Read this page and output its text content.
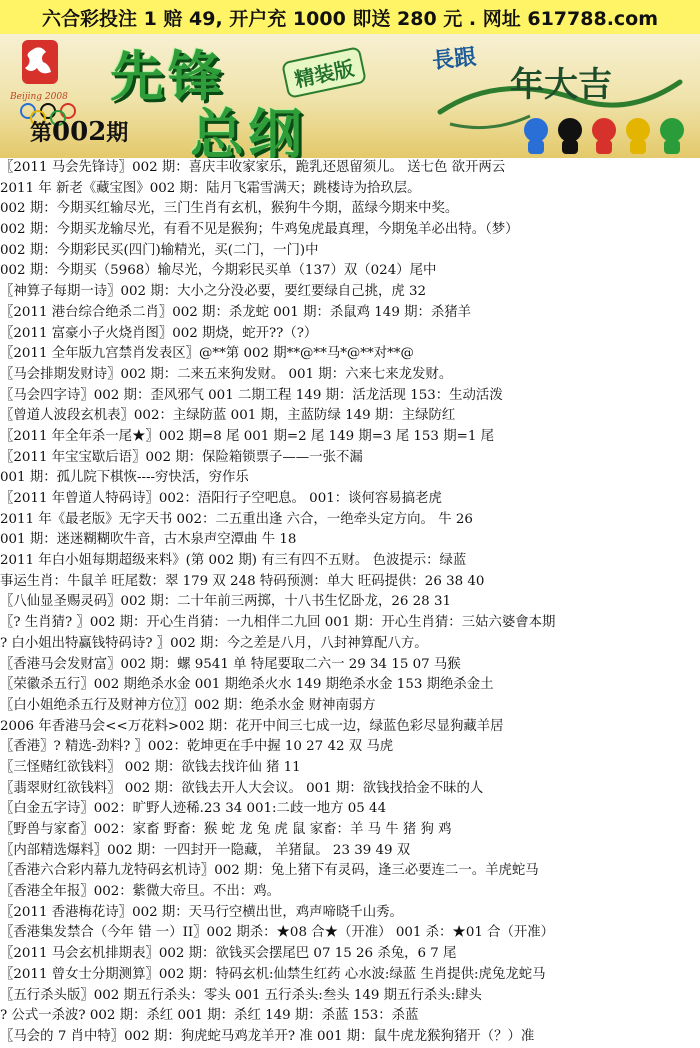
六合彩投注 1 赔 49, 开户充 1000 即送 280 元 . 网址 617788.com
Beijing 2008 先锋
总纲
精装版
第002期
長跟
年大吉
〖2011 马会先锋诗〗002 期：喜庆丰收家家乐，跪乳还恩留须儿。 送七色 欲开两云
2011 年 新老《藏宝图》002 期：陆月飞霜雪满天；跳楼诗为拾玖层。
002 期：今期买红输尽光，三门生肖有玄机，猴狗牛今期，蓝绿今期来中奖。
002 期：今期买龙输尽光，有看不见是猴狗；牛鸡兔虎最真理，今期兔羊必出特。（梦）
002 期：今期彩民买(四门)输精光，买(二门，一门)中
002 期：今期买（5968）输尽光，今期彩民买单（137）双（024）尾中
〖神算子每期一诗〗002 期：大小之分没必要，要红要绿自己挑，虎 32
〖2011 港台综合绝杀二肖〗002 期：杀龙蛇 001 期：杀鼠鸡 149 期：杀猪羊
〖2011 富豪小子火烧肖图〗002 期烧，蛇开??（?）
〖2011 全年版九宫禁肖发表区〗@**第 002 期**@**马*@**对**@
〖马会排期发财诗〗002 期：二来五来狗发财。 001 期：六来七来龙发财。
〖马会四字诗〗002 期：歪风邪气 001 二期工程 149 期：活龙活现 153：生动活泼
〖曾道人波段玄机表〗002：主绿防蓝 001 期，主蓝防绿 149 期：主绿防红
〖2011 年全年杀一尾★〗002 期=8 尾 001 期=2 尾 149 期=3 尾 153 期=1 尾
〖2011 年宝宝歇后语〗002 期：保险箱锁票子——一张不漏
001 期：孤儿院下棋恢----穷快活，穷作乐
〖2011 年曾道人特码诗〗002：浯阳行子空吧息。 001：谈何容易搞老虎
2011 年《最老版》无字天书 002：二五重出逢 六合，一绝牵头定方向。 牛 26
001 期：迷迷糊糊吹牛音，古木泉声空潭曲 牛 18
2011 年白小姐每期超级来料》(第 002 期) 有三有四不五财。 色波提示：绿蓝
事运生肖：牛鼠羊 旺尾数：翠 179 双 248 特码预测：单大 旺码提供：26 38 40
〖八仙显圣赐灵码〗002 期：二十年前三两掷，十八书生忆卧龙，26 28 31
〖? 生肖猜? 〗002 期：开心生肖猜：一九相伴二九回 001 期：开心生肖猜：三姑六婆會本期
? 白小姐出特赢钱特码诗? 〗002 期：今之差是八月，八封神算配八方。
〖香港马会发财富〗002 期：螺 9541 单 特尾要取二六一 29 34 15 07 马猴
〖荣徽杀五行〗002 期绝杀水金 001 期绝杀火水 149 期绝杀水金 153 期绝杀金土
〖白小姐绝杀五行及财神方位〗〗002 期：绝杀水金 财神南弱方
2006 年香港马会<<万花料>002 期：花开中间三七成一边，绿蓝色彩尽显狗藏羊居
〖香港〗? 精选-劲料? 〗002：乾坤更在手中握 10 27 42 双 马虎
〖三怪赌红欲钱料〗 002 期：欲钱去找许仙 猪 11
〖翡翠财红欲钱料〗 002 期：欲钱去开人大会议。 001 期：欲钱找拾金不昧的人
〖白金五字诗〗002：旷野人迹稀.23 34 001:二歧一地方 05 44
〖野兽与家畜〗002：家畜 野畜：猴 蛇 龙 兔 虎 鼠 家畜：羊 马 牛 猪 狗 鸡
〖内部精选爆料〗002 期：一四封开一隐藏， 羊猪鼠。 23 39 49 双
〖香港六合彩内幕九龙特码玄机诗〗002 期：兔上猪下有灵码，逢三必要连二一。羊虎蛇马
〖香港全年报〗002：紫微大帝旦。不出：鸡。
〖2011 香港梅花诗〗002 期：天马行空横出世，鸡声啼晓千山秀。
〖香港集发禁合（今年 错 一）II〗002 期杀：★08 合★（开准） 001 杀：★01 合（开准）
〖2011 马会玄机排期表〗002 期：欲钱买会摆尾巴 07 15 26 杀兔，6 7 尾
〖2011 曾女士分期测算〗002 期：特码玄机:仙禁生红药 心水波:绿蓝 生肖提供:虎兔龙蛇马
〖五行杀头版〗002 期五行杀头：零头 001 五行杀头:叁头 149 期五行杀头:肆头
? 公式一杀波? 002 期：杀红 001 期：杀红 149 期：杀蓝 153：杀蓝
〖马会的 7 肖中特〗002 期：狗虎蛇马鸡龙羊开? 准 001 期：鼠牛虎龙猴狗猪开（？）准
